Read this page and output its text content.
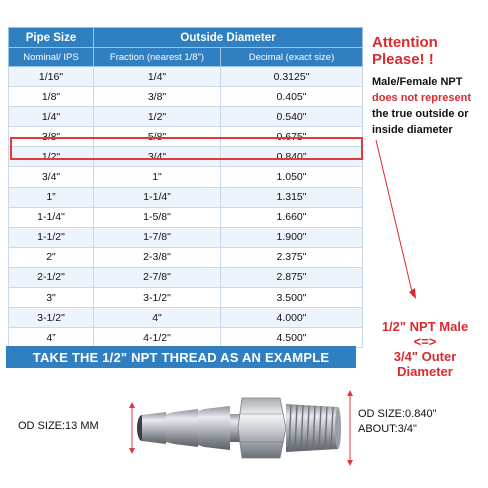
Pipe Size	Outside Diameter	
Nominal/ IPS	Fraction (nearest 1/8")	Decimal (exact size)
1/16"	1/4"	0.3125"
1/8"	3/8"	0.405"
1/4"	1/2"	0.540"
3/8"	5/8"	0.675"
1/2"	3/4"	0.840”
3/4"	1"	1.050"
1”	1-1/4”	1.315"
1-1/4"	1-5/8"	1.660"
1-1/2"	1-7/8"	1.900"
2"	2-3/8"	2.375"
2-1/2"	2-7/8"	2.875"
3"	3-1/2"	3.500"
3-1/2"	4"	4.000"
4”	4-1/2"	4.500"
Attention
Please! !
Male/Female NPT
does not represent
the true outside or
inside diameter
1/2" NPT Male
<=>
3/4" Outer
Diameter
TAKE THE 1/2" NPT THREAD AS AN EXAMPLE
OD SIZE:13 MM
OD SIZE:0.840"
ABOUT:3/4"
